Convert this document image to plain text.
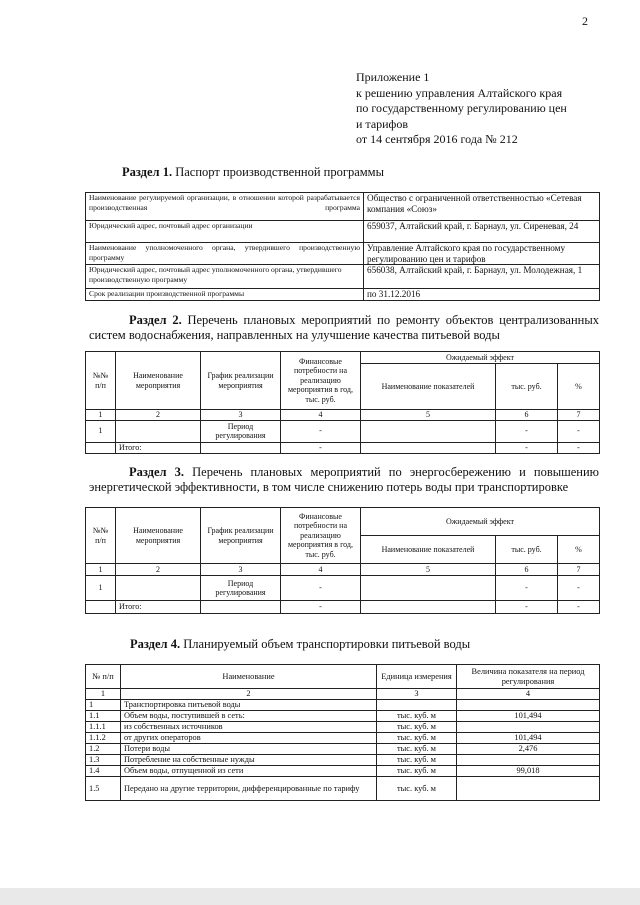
2
Приложение 1
к решению управления Алтайского края
по государственному регулированию цен
и тарифов
от 14 сентября 2016 года № 212
Раздел 1. Паспорт производственной программы
Наименование регулируемой организации, в отношении которой разрабатывается производственная программа	Общество с ограниченной ответственностью «Сетевая компания «Союз»
Юридический адрес, почтовый адрес организации	659037, Алтайский край, г. Барнаул, ул. Сиреневая, 24
Наименование уполномоченного органа, утвердившего производственную программу	Управление Алтайского края по государственному регулированию цен и тарифов
Юридический адрес, почтовый адрес уполномоченного органа, утвердившего производственную программу	656038, Алтайский край, г. Барнаул, ул. Молодежная, 1
Срок реализации производственной программы	по 31.12.2016
Раздел 2. Перечень плановых мероприятий по ремонту объектов централизованных систем водоснабжения, направленных на улучшение качества питьевой воды
№№ п/п	Наименование мероприятия	График реализации мероприятия	Финансовые потребности на реализацию мероприятия в год, тыс. руб.	Ожидаемый эффект		
				Наименование показателей	тыс. руб.	%
1	2	3	4	5	6	7
1		Период регулирования	-		-	-
	Итого:		-		-	-
Раздел 3. Перечень плановых мероприятий по энергосбережению и повышению энергетической эффективности, в том числе снижению потерь воды при транспортировке
№№ п/п	Наименование мероприятия	График реализации мероприятия	Финансовые потребности на реализацию мероприятия в год, тыс. руб.	Ожидаемый эффект		
				Наименование показателей	тыс. руб.	%
1	2	3	4	5	6	7
1		Период регулирования	-		-	-
	Итого:		-		-	-
Раздел 4. Планируемый объем транспортировки питьевой воды
№ п/п	Наименование	Единица измерения	Величина показателя на период регулирования
1	2	3	4
1	Транспортировка питьевой воды		
1.1	Объем воды, поступившей в сеть:	тыс. куб. м	101,494
1.1.1	из собственных источников	тыс. куб. м	
1.1.2	от других операторов	тыс. куб. м	101,494
1.2	Потери воды	тыс. куб. м	2,476
1.3	Потребление на собственные нужды	тыс. куб. м	
1.4	Объем воды, отпущенной из сети	тыс. куб. м	99,018
1.5	Передано на другие территории, дифференцированные по тарифу	тыс. куб. м	
